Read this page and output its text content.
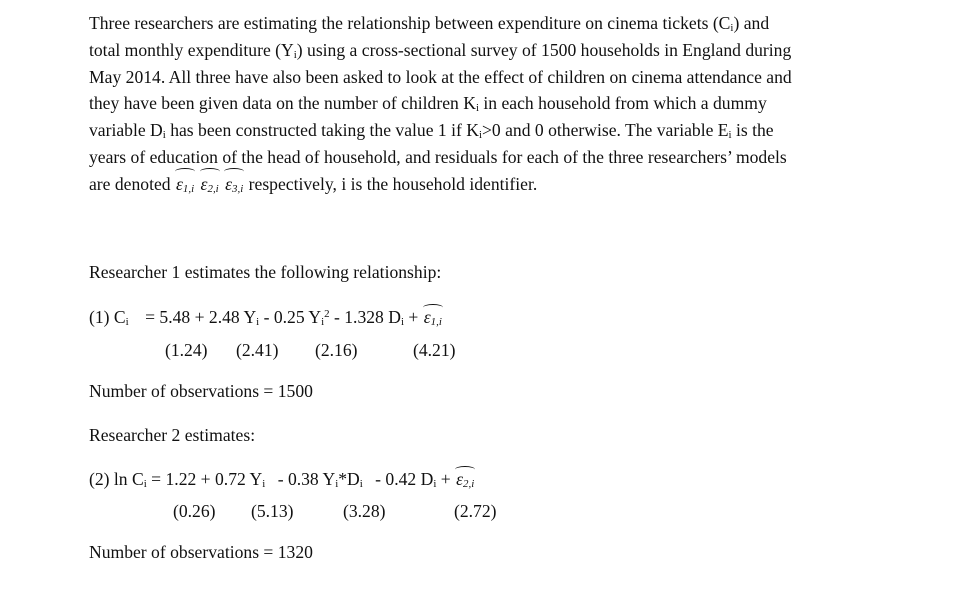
Three researchers are estimating the relationship between expenditure on cinema tickets $(C_i)$ and
total monthly expenditure $(Y_i)$ using a cross-sectional survey of 1500 households in England during
May 2014. All three have also been asked to look at the effect of children on cinema attendance and
they have been given data on the number of children $K_i$ in each household from which a dummy
variable $D_i$ has been constructed taking the value 1 if $K_i>0$ and 0 otherwise. The variable $E_i$ is the
years of education of the head of household, and residuals for each of the three researchers’ models
are denoted $\varepsilon_{1,i}$ $\varepsilon_{2,i}$ $\varepsilon_{3,i}$ respectively, i is the household identifier.

Researcher 1 estimates the following relationship:

(1) $C_i = 5.48 + 2.48$ $Y_i - 0.25$ $Y_i^2 - 1.328$ $D_i + \varepsilon_{1,i}$
(1.24) (2.41) (2.16)	(4.21)

Number of observations = 1500

Researcher 2 estimates:

(2) $\ln C_i = 1.22 + 0.72$ $Y_i - 0.38$ $Y_i*D_i - 0.42$ $D_i + \varepsilon_{2,i}$
(0.26) (5.13)	(3.28)	(2.72)

Number of observations = 1320
